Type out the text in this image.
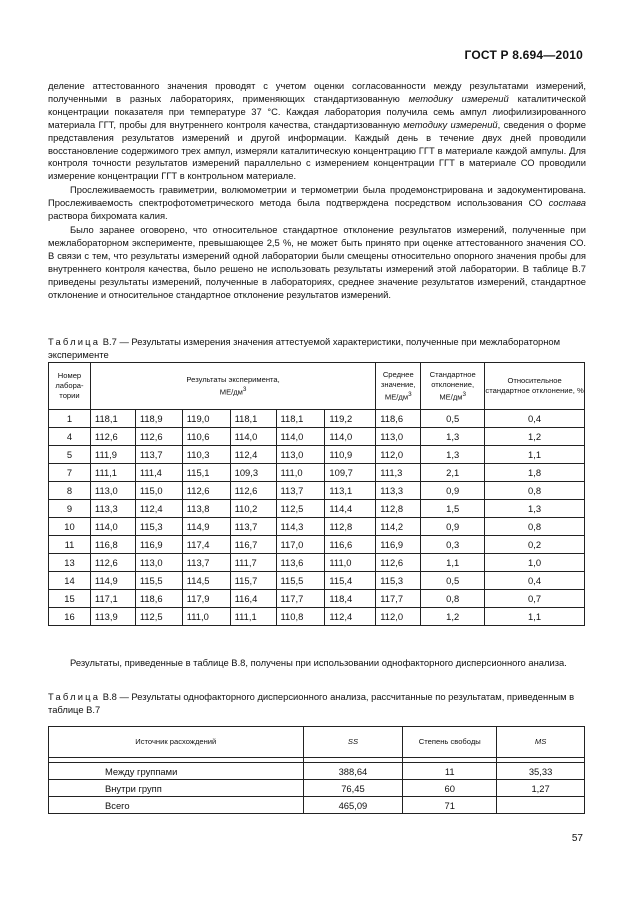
ГОСТ Р 8.694—2010

деление аттестованного значения проводят с учетом оценки согласованности между результатами измерений, полученными в разных лабораториях, применяющих стандартизованную методику измерений каталитической концентрации показателя при температуре 37 °С. Каждая лаборатория получила семь ампул лиофилизированного материала ГГТ, пробы для внутреннего контроля качества, стандартизованную методику измерений, сведения о форме представления результатов измерений и другой информации. Каждый день в течение двух дней проводили восстановление содержимого трех ампул, измеряли каталитическую концентрацию ГГТ в материале каждой ампулы. Для контроля точности результатов измерений параллельно с измерением концентрации ГГТ в материале СО проводили измерение концентрации ГГТ в контрольном материале.

Прослеживаемость гравиметрии, волюмометрии и термометрии была продемонстрирована и задокументирована. Прослеживаемость спектрофотометрического метода была подтверждена посредством использования СО состава раствора бихромата калия.

Было заранее оговорено, что относительное стандартное отклонение результатов измерений, полученные при межлабораторном эксперименте, превышающее 2,5 %, не может быть принято при оценке аттестованного значения СО. В связи с тем, что результаты измерений одной лаборатории были смещены относительно опорного значения пробы для внутреннего контроля качества, было решено не использовать результаты измерений этой лаборатории. В таблице В.7 приведены результаты измерений, полученные в лабораториях, среднее значение результатов измерений, стандартное отклонение и относительное стандартное отклонение результатов измерений.

Таблица В.7 — Результаты измерения значения аттестуемой характеристики, полученные при межлабораторном эксперименте
Номер лабора- тории	Результаты эксперимента,
$МЕ/дм^3$						Среднее значение,
$МЕ/дм^3$	Стандартное отклонение,
$МЕ/дм^3$	Относительное стандартное отклонение, %
1	118,1	118,9	119,0	118,1	118,1	119,2	118,6	0,5	0,4
4	112,6	112,6	110,6	114,0	114,0	114,0	113,0	1,3	1,2
5	111,9	113,7	110,3	112,4	113,0	110,9	112,0	1,3	1,1
7	111,1	111,4	115,1	109,3	111,0	109,7	111,3	2,1	1,8
8	113,0	115,0	112,6	112,6	113,7	113,1	113,3	0,9	0,8
9	113,3	112,4	113,8	110,2	112,5	114,4	112,8	1,5	1,3
10	114,0	115,3	114,9	113,7	114,3	112,8	114,2	0,9	0,8
11	116,8	116,9	117,4	116,7	117,0	116,6	116,9	0,3	0,2
13	112,6	113,0	113,7	111,7	113,6	111,0	112,6	1,1	1,0
14	114,9	115,5	114,5	115,7	115,5	115,4	115,3	0,5	0,4
15	117,1	118,6	117,9	116,4	117,7	118,4	117,7	0,8	0,7
16	113,9	112,5	111,0	111,1	110,8	112,4	112,0	1,2	1,1

Результаты, приведенные в таблице В.8, получены при использовании однофакторного дисперсионного анализа.

Таблица В.8 — Результаты однофакторного дисперсионного анализа, рассчитанные по результатам, приведенным в таблице В.7
Источник расхождений	SS	Степень свободы	MS

Между группами	388,64	11	35,33
Внутри групп	76,45	60	1,27
Всего	465,09	71	
57
